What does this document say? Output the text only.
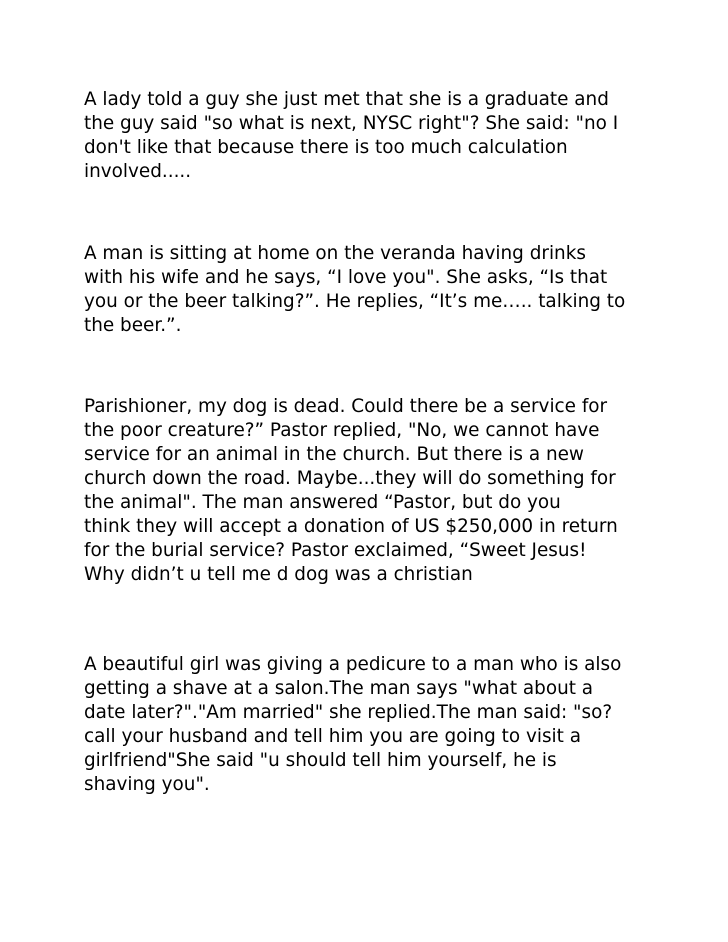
A lady told a guy she just met that she is a graduate and
the guy said "so what is next, NYSC right"? She said: "no I
don't like that because there is too much calculation
involved.....

A man is sitting at home on the veranda having drinks
with his wife and he says, “I love you". She asks, “Is that
you or the beer talking?”. He replies, “It’s me….. talking to
the beer.”.

Parishioner, my dog is dead. Could there be a service for
the poor creature?” Pastor replied, "No, we cannot have
service for an animal in the church. But there is a new
church down the road. Maybe...they will do something for
the animal". The man answered “Pastor, but do you
think they will accept a donation of US $250,000 in return
for the burial service? Pastor exclaimed, “Sweet Jesus!
Why didn’t u tell me d dog was a christian

A beautiful girl was giving a pedicure to a man who is also
getting a shave at a salon.The man says "what about a
date later?"."Am married" she replied.The man said: "so?
call your husband and tell him you are going to visit a
girlfriend"She said "u should tell him yourself, he is
shaving you".
